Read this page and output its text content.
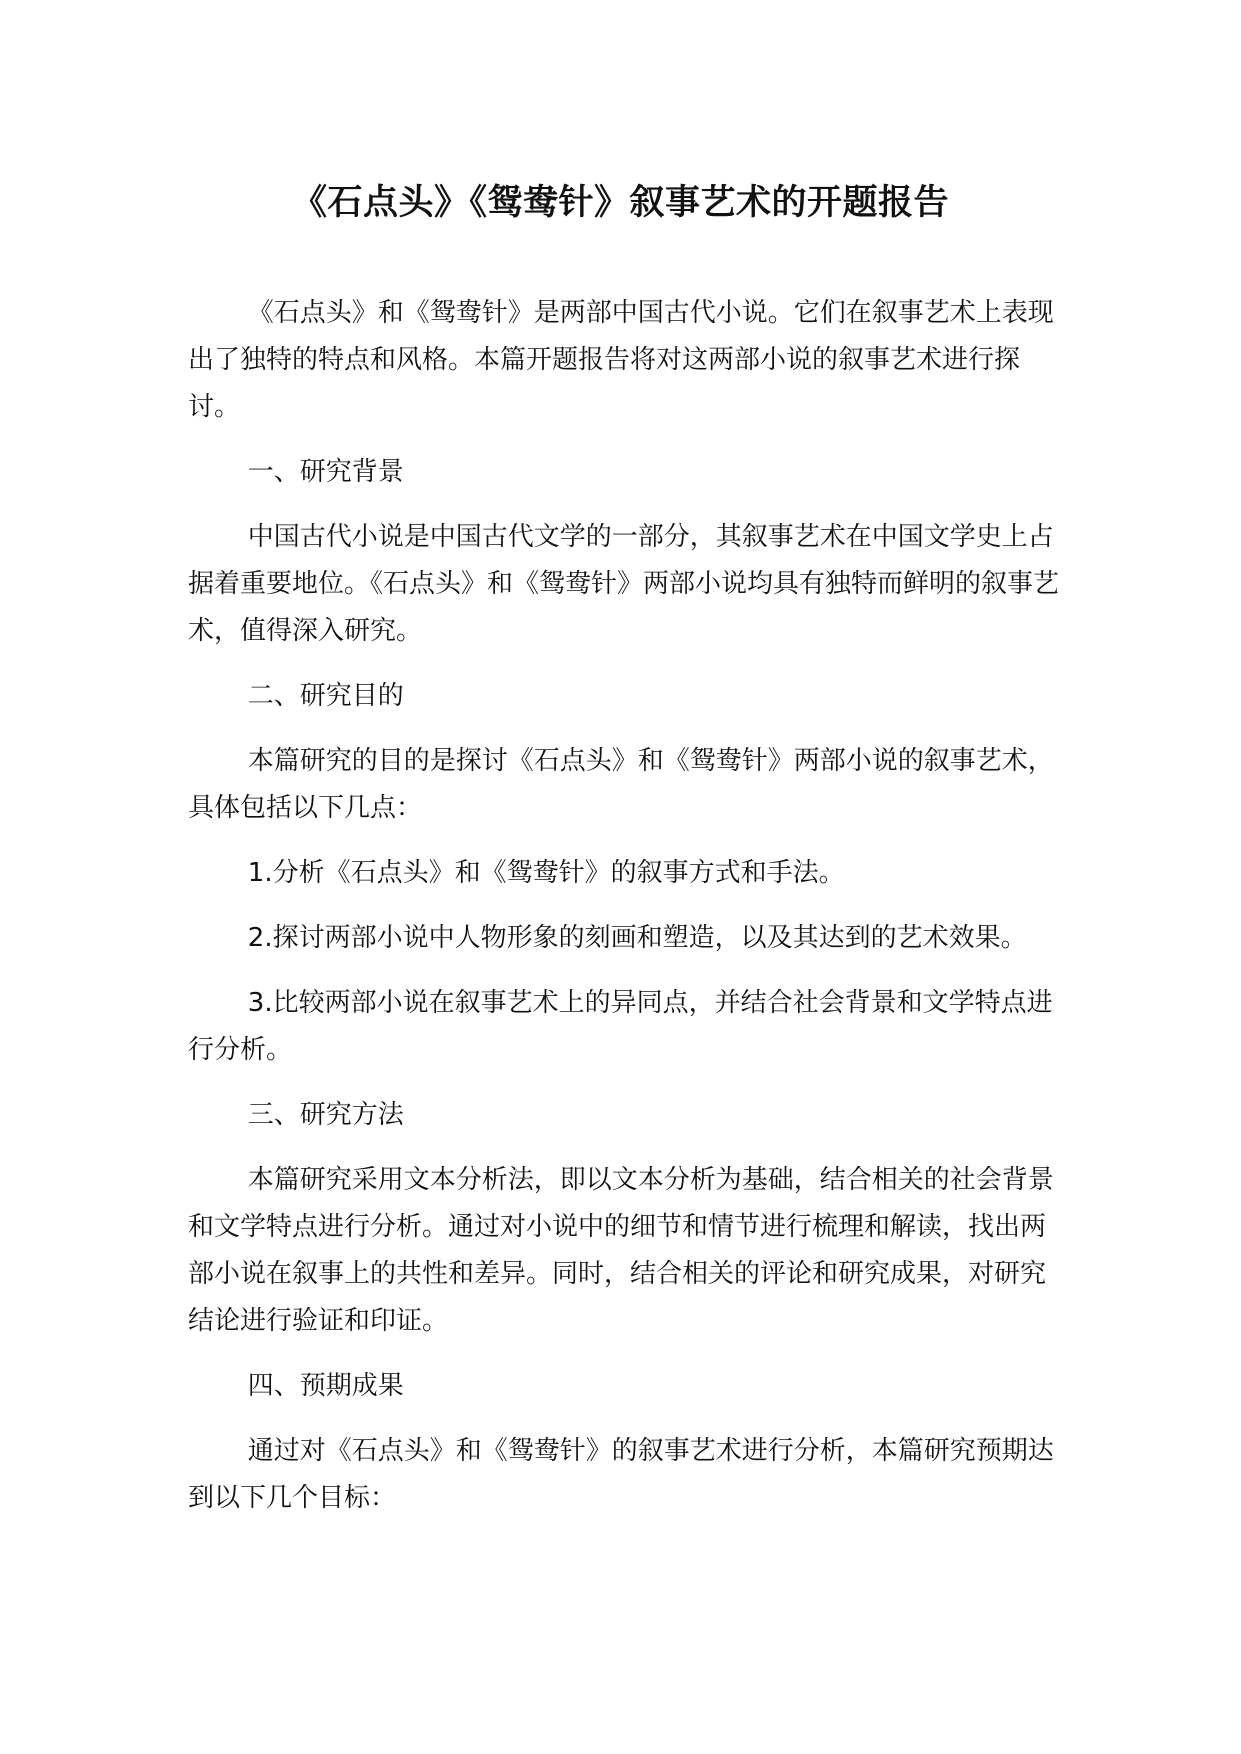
《石点头》《鸳鸯针》叙事艺术的开题报告

《石点头》和《鸳鸯针》是两部中国古代小说。它们在叙事艺术上表现出了独特的特点和风格。本篇开题报告将对这两部小说的叙事艺术进行探讨。

一、研究背景

中国古代小说是中国古代文学的一部分，其叙事艺术在中国文学史上占据着重要地位。《石点头》和《鸳鸯针》两部小说均具有独特而鲜明的叙事艺术，值得深入研究。

二、研究目的

本篇研究的目的是探讨《石点头》和《鸳鸯针》两部小说的叙事艺术，具体包括以下几点：

1.分析《石点头》和《鸳鸯针》的叙事方式和手法。

2.探讨两部小说中人物形象的刻画和塑造，以及其达到的艺术效果。

3.比较两部小说在叙事艺术上的异同点，并结合社会背景和文学特点进行分析。

三、研究方法

本篇研究采用文本分析法，即以文本分析为基础，结合相关的社会背景和文学特点进行分析。通过对小说中的细节和情节进行梳理和解读，找出两部小说在叙事上的共性和差异。同时，结合相关的评论和研究成果，对研究结论进行验证和印证。

四、预期成果

通过对《石点头》和《鸳鸯针》的叙事艺术进行分析，本篇研究预期达到以下几个目标：
